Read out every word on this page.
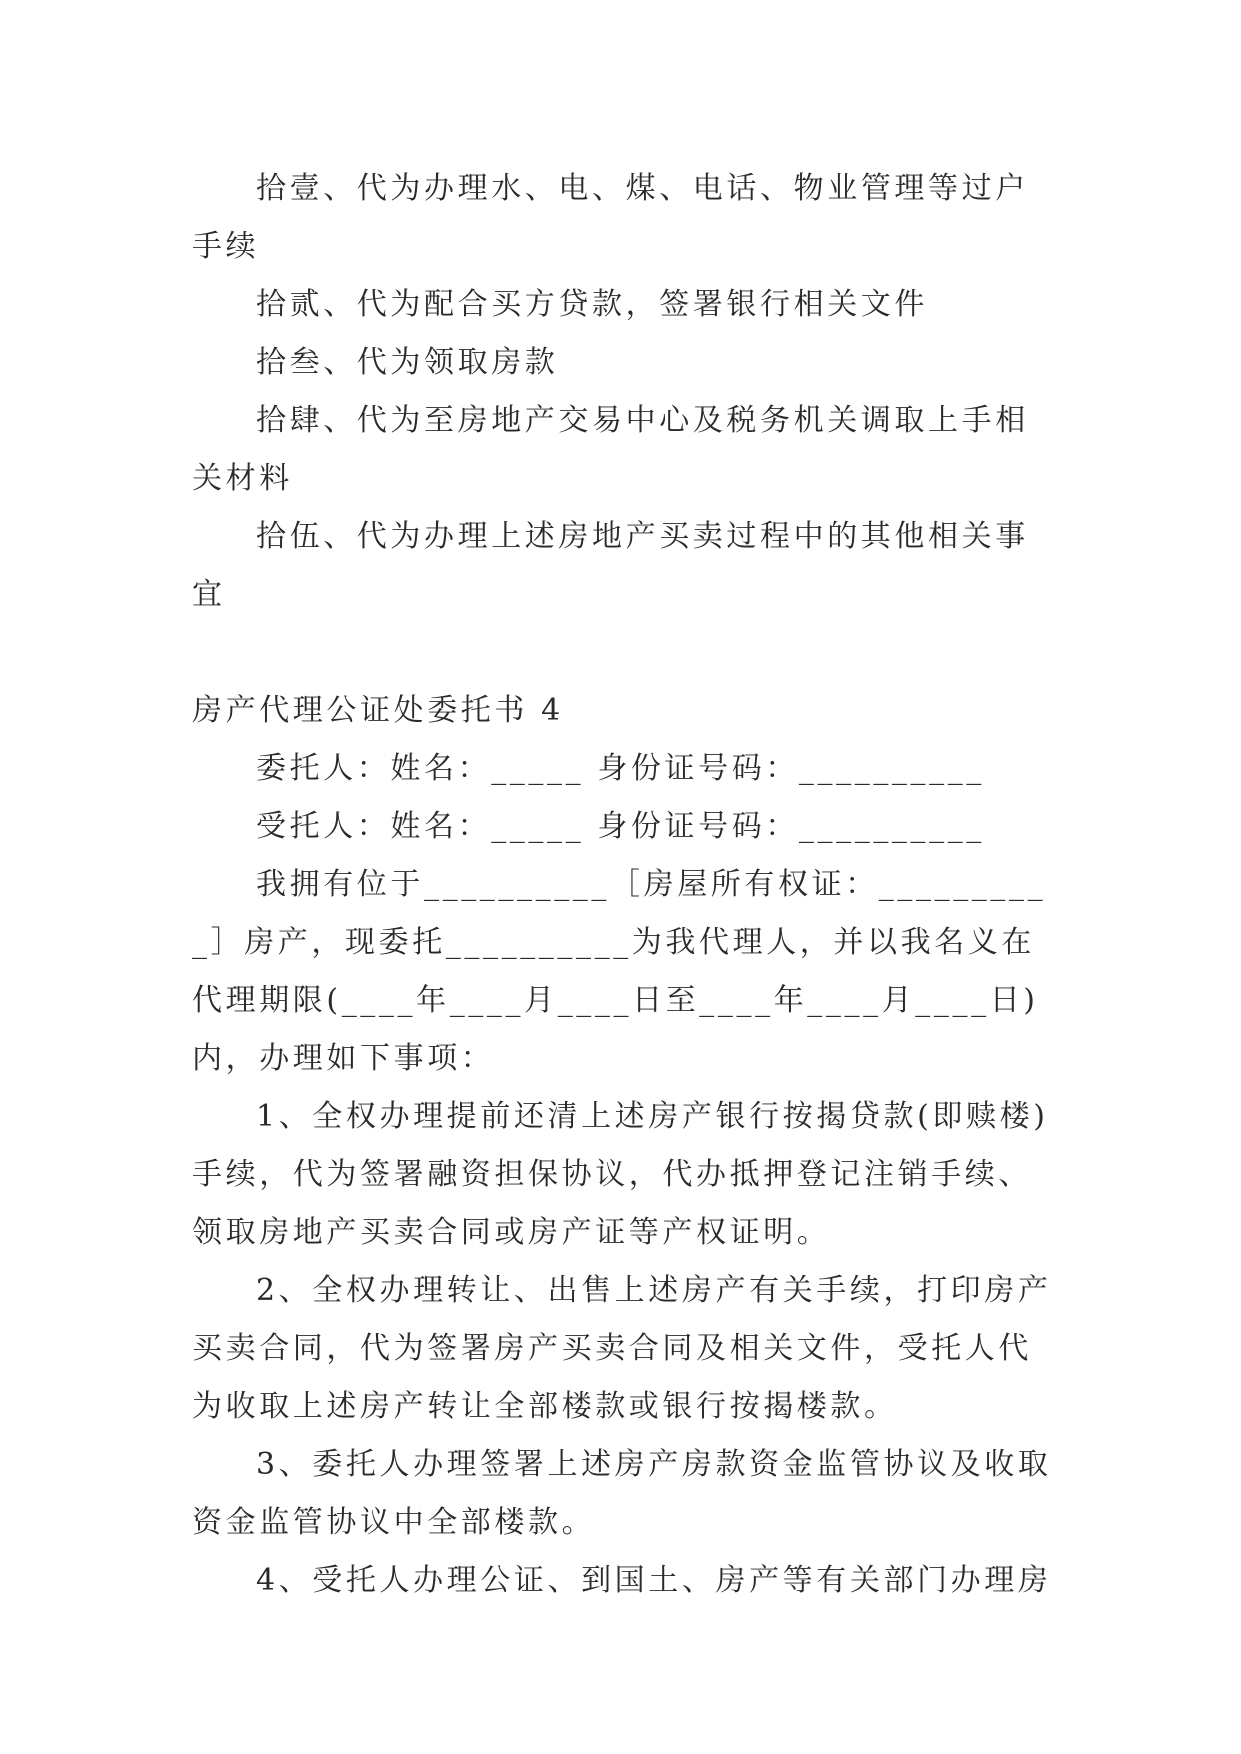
拾壹、代为办理水、电、煤、电话、物业管理等过户手续

拾贰、代为配合买方贷款，签署银行相关文件

拾叁、代为领取房款

拾肆、代为至房地产交易中心及税务机关调取上手相关材料

拾伍、代为办理上述房地产买卖过程中的其他相关事宜

房产代理公证处委托书 4

委托人：姓名：_____ 身份证号码：__________

受托人：姓名：_____ 身份证号码：__________

我拥有位于__________［房屋所有权证：__________］房产，现委托__________为我代理人，并以我名义在代理期限(____年____月____日至____年____月____日)内，办理如下事项：

1、全权办理提前还清上述房产银行按揭贷款(即赎楼)手续，代为签署融资担保协议，代办抵押登记注销手续、领取房地产买卖合同或房产证等产权证明。

2、全权办理转让、出售上述房产有关手续，打印房产买卖合同，代为签署房产买卖合同及相关文件，受托人代为收取上述房产转让全部楼款或银行按揭楼款。

3、委托人办理签署上述房产房款资金监管协议及收取资金监管协议中全部楼款。

4、受托人办理公证、到国土、房产等有关部门办理房
